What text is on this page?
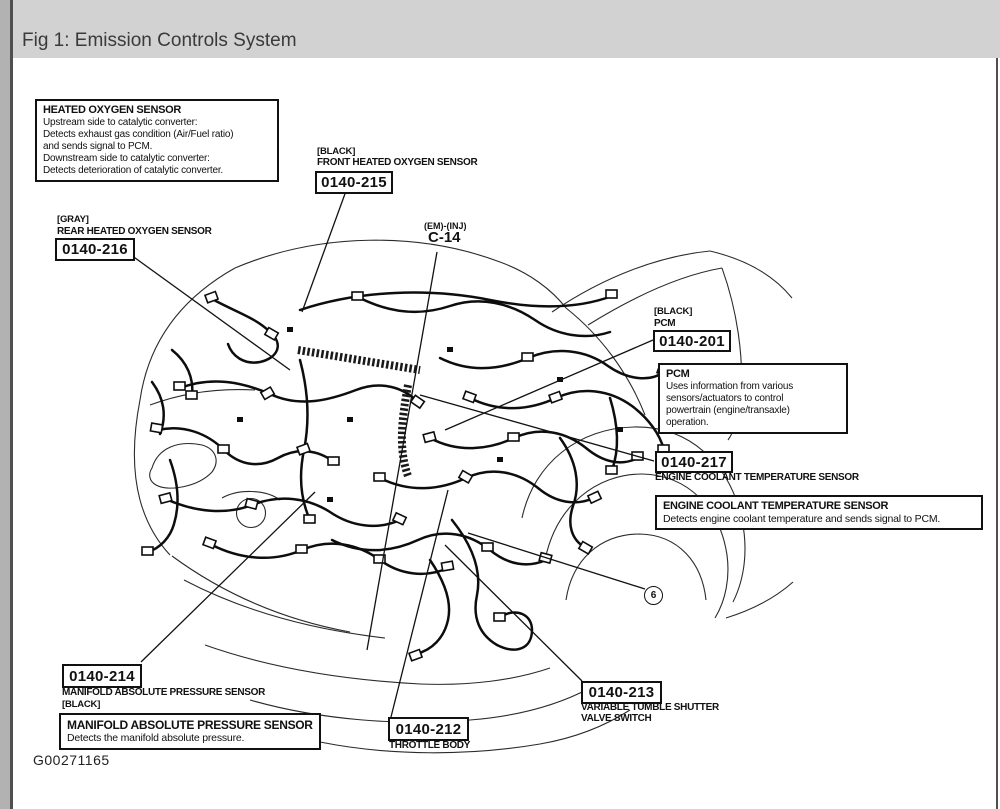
Fig 1: Emission Controls System
HEATED OXYGEN SENSOR
Upstream side to catalytic converter:
Detects exhaust gas condition (Air/Fuel ratio)
and sends signal to PCM.
Downstream side to catalytic converter:
Detects deterioration of catalytic converter.
[BLACK]
FRONT HEATED OXYGEN SENSOR
0140-215
[GRAY]
REAR HEATED OXYGEN SENSOR
0140-216
(EM)-(INJ)
C-14
[BLACK]
PCM
0140-201
PCM
Uses information from various
sensors/actuators to control
powertrain (engine/transaxle)
operation.
0140-217
ENGINE COOLANT TEMPERATURE SENSOR
ENGINE COOLANT TEMPERATURE SENSOR
Detects engine coolant temperature and sends signal to PCM.
6
0140-214
MANIFOLD ABSOLUTE PRESSURE SENSOR
[BLACK]
MANIFOLD ABSOLUTE PRESSURE SENSOR
Detects the manifold absolute pressure.
0140-212
THROTTLE BODY
0140-213
VARIABLE TUMBLE SHUTTER
VALVE SWITCH
G00271165
